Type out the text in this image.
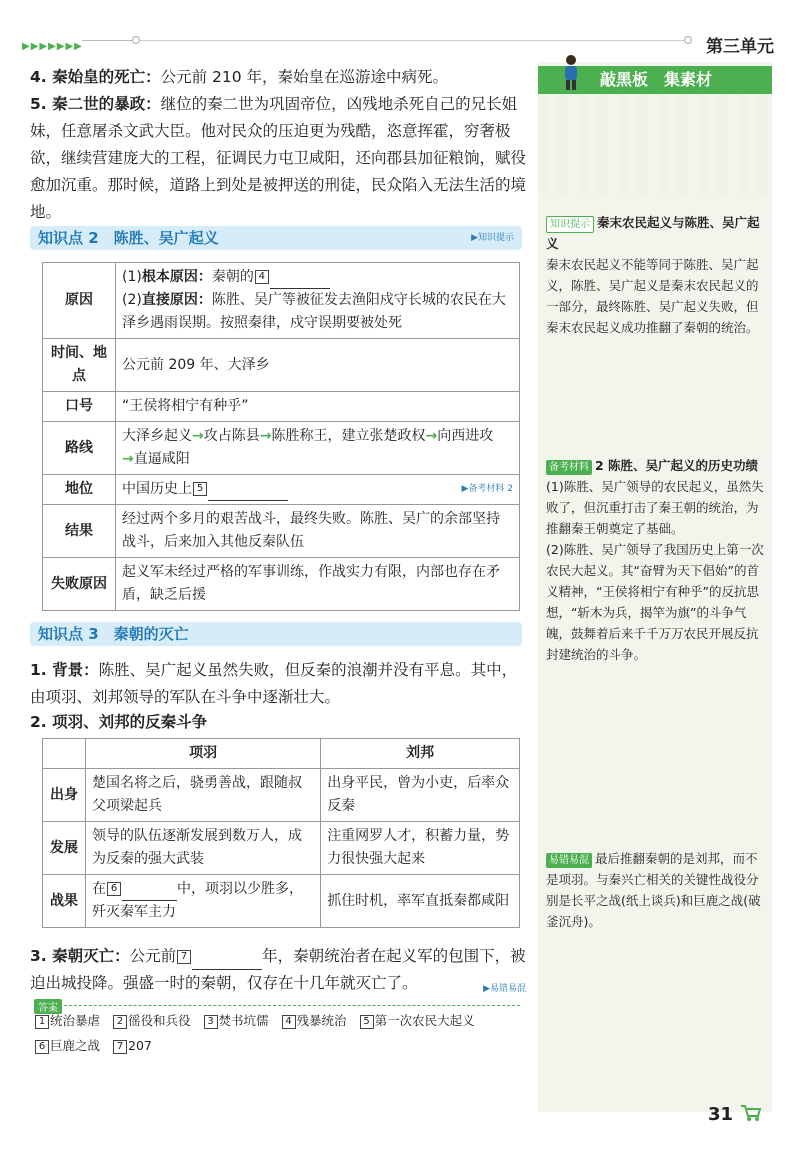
▶▶▶▶▶▶▶	第三单元
敲黑板　集素材
知识提示 秦末农民起义与陈胜、吴广起义
秦末农民起义不能等同于陈胜、吴广起义，陈胜、吴广起义是秦末农民起义的一部分，最终陈胜、吴广起义失败，但秦末农民起义成功推翻了秦朝的统治。
备考材料 2 陈胜、吴广起义的历史功绩
(1)陈胜、吴广领导的农民起义，虽然失败了，但沉重打击了秦王朝的统治，为推翻秦王朝奠定了基础。
(2)陈胜、吴广领导了我国历史上第一次农民大起义。其“奋臂为天下倡始”的首义精神，“王侯将相宁有种乎”的反抗思想，“斩木为兵，揭竿为旗”的斗争气魄，鼓舞着后来千千万万农民开展反抗封建统治的斗争。
易错易混 最后推翻秦朝的是刘邦，而不是项羽。与秦兴亡相关的关键性战役分别是长平之战(纸上谈兵)和巨鹿之战(破釜沉舟)。
4. 秦始皇的死亡：公元前 210 年，秦始皇在巡游途中病死。
5. 秦二世的暴政：继位的秦二世为巩固帝位，凶残地杀死自己的兄长姐妹，任意屠杀文武大臣。他对民众的压迫更为残酷，恣意挥霍，穷奢极欲，继续营建庞大的工程，征调民力屯卫咸阳，还向郡县加征粮饷，赋役愈加沉重。那时候，道路上到处是被押送的刑徒，民众陷入无法生活的境地。
知识点 2　陈胜、吴广起义	▶知识提示
原因	(1)根本原因：秦朝的 4
(2)直接原因：陈胜、吴广等被征发去渔阳戍守长城的农民在大泽乡遇雨误期。按照秦律，戍守误期要被处死

时间、地点	公元前 209 年、大泽乡
口号	“王侯将相宁有种乎”
路线	大泽乡起义→攻占陈县→陈胜称王，建立张楚政权→向西进攻
→直逼咸阳
地位	中国历史上 5 ▶备考材料 2

结果	经过两个多月的艰苦战斗，最终失败。陈胜、吴广的余部坚持战斗，后来加入其他反秦队伍
失败原因	起义军未经过严格的军事训练，作战实力有限，内部也存在矛盾，缺乏后援
知识点 3　秦朝的灭亡
1. 背景：陈胜、吴广起义虽然失败，但反秦的浪潮并没有平息。其中，由项羽、刘邦领导的军队在斗争中逐渐壮大。
2. 项羽、刘邦的反秦斗争
	项羽	刘邦
出身	楚国名将之后，骁勇善战，跟随叔父项梁起兵	出身平民，曾为小吏，后率众反秦
发展	领导的队伍逐渐发展到数万人，成为反秦的强大武装	注重网罗人才，积蓄力量，势力很快强大起来
战果	在 6 中，项羽以少胜多，歼灭秦军主力	抓住时机，率军直抵秦都咸阳
3. 秦朝灭亡：公元前 7	年，秦朝统治者在起义军的包围下，被迫出城投降。强盛一时的秦朝，仅存在十几年就灭亡了。	▶易错易混
答案
1 统治暴虐 2 徭役和兵役 3 焚书坑儒 4 残暴统治 5 第一次农民大起义
6 巨鹿之战 7 207
31
